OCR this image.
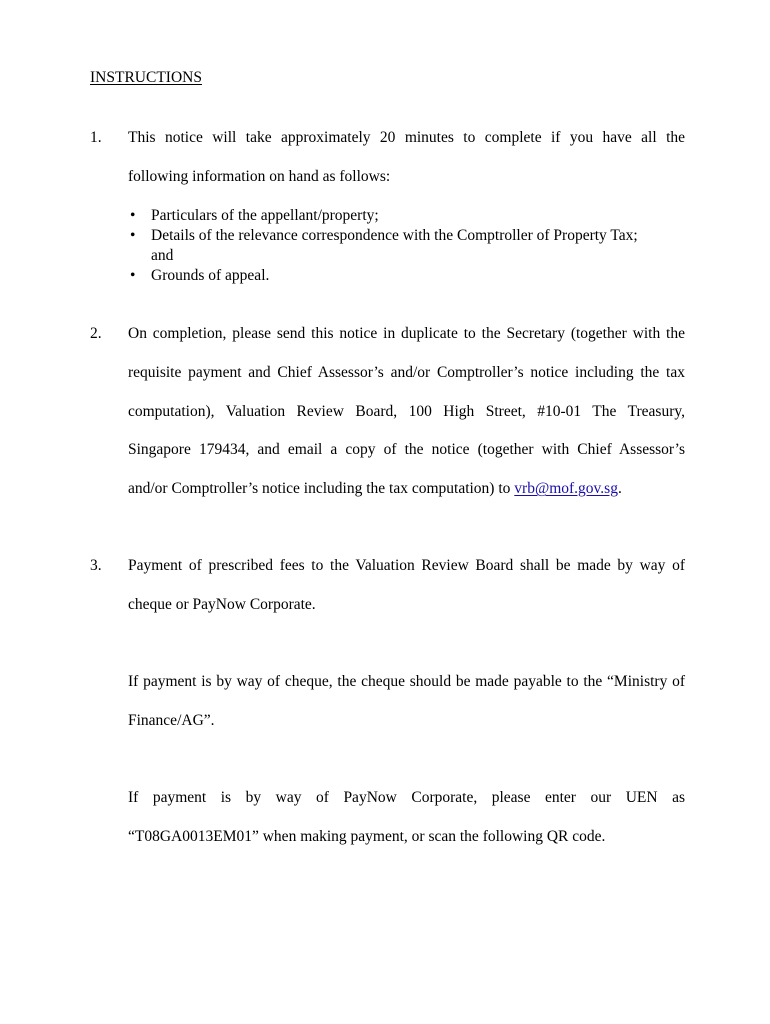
INSTRUCTIONS
1. This notice will take approximately 20 minutes to complete if you have all the
following information on hand as follows:
• Particulars of the appellant/property;
• Details of the relevance correspondence with the Comptroller of Property Tax;
and
• Grounds of appeal.
2. On completion, please send this notice in duplicate to the Secretary (together with the
requisite payment and Chief Assessor’s and/or Comptroller’s notice including the tax
computation), Valuation Review Board, 100 High Street, #10-01 The Treasury,
Singapore 179434, and email a copy of the notice (together with Chief Assessor’s
and/or Comptroller’s notice including the tax computation) to vrb@mof.gov.sg.
3. Payment of prescribed fees to the Valuation Review Board shall be made by way of
cheque or PayNow Corporate.
If payment is by way of cheque, the cheque should be made payable to the “Ministry of
Finance/AG”.
If payment is by way of PayNow Corporate, please enter our UEN as
“T08GA0013EM01” when making payment, or scan the following QR code.
